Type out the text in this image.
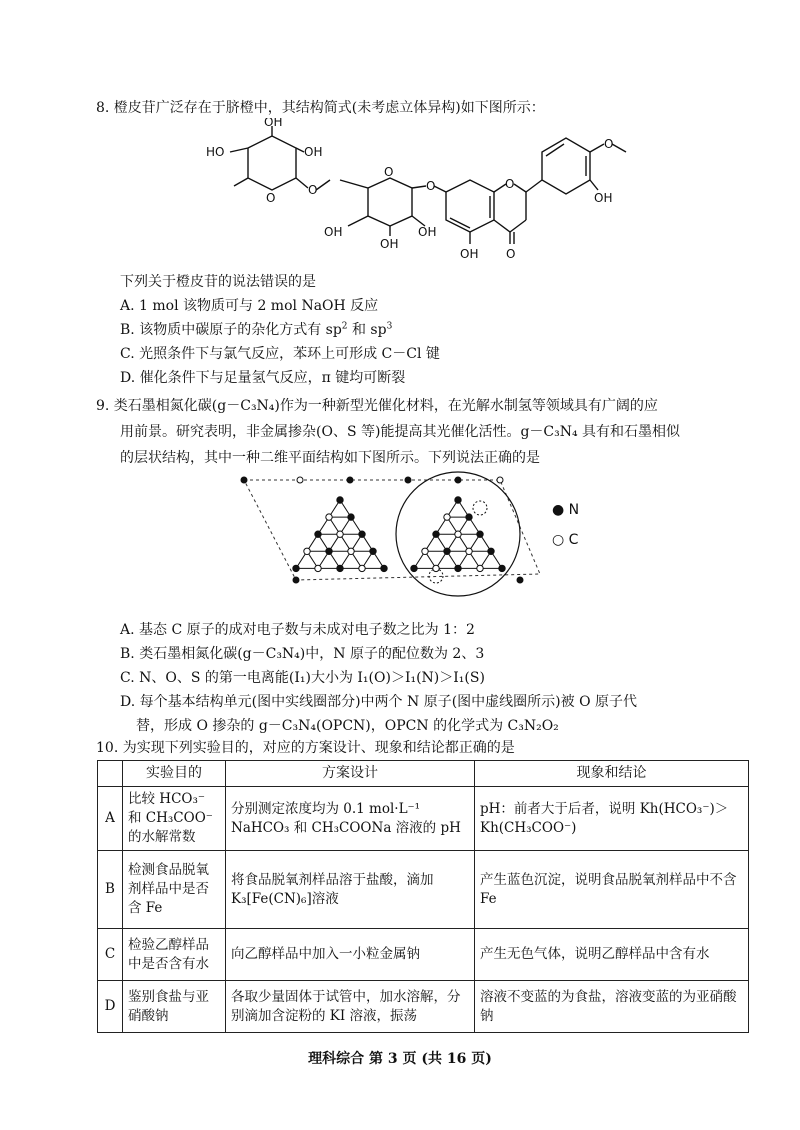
8. 橙皮苷广泛存在于脐橙中，其结构简式(未考虑立体异构)如下图所示：
OH
HO	OH
O
O
O
O
OH
OH
OH
O
OH O
O
OH
下列关于橙皮苷的说法错误的是
A. 1 mol 该物质可与 2 mol NaOH 反应
B. 该物质中碳原子的杂化方式有 $sp^2$ 和 $sp^3$
C. 光照条件下与氯气反应，苯环上可形成 C－Cl 键
D. 催化条件下与足量氢气反应，π 键均可断裂
9. 类石墨相氮化碳(g－C₃N₄)作为一种新型光催化材料，在光解水制氢等领域具有广阔的应
用前景。研究表明，非金属掺杂(O、S 等)能提高其光催化活性。g－C₃N₄ 具有和石墨相似
的层状结构，其中一种二维平面结构如下图所示。下列说法正确的是
● N
○ C
A. 基态 C 原子的成对电子数与未成对电子数之比为 1：2
B. 类石墨相氮化碳(g－C₃N₄)中，N 原子的配位数为 2、3
C. N、O、S 的第一电离能(I₁)大小为 I₁(O)＞I₁(N)＞I₁(S)
D. 每个基本结构单元(图中实线圈部分)中两个 N 原子(图中虚线圈所示)被 O 原子代
替，形成 O 掺杂的 g－C₃N₄(OPCN)，OPCN 的化学式为 C₃N₂O₂
10. 为实现下列实验目的，对应的方案设计、现象和结论都正确的是
	实验目的	方案设计	现象和结论
A	比较 HCO₃⁻ 和 CH₃COO⁻ 的水解常数	分别测定浓度均为 0.1 mol·L⁻¹ NaHCO₃ 和 CH₃COONa 溶液的 pH	pH：前者大于后者，说明 Kh(HCO₃⁻)＞Kh(CH₃COO⁻)
B	检测食品脱氧剂样品中是否含 Fe	将食品脱氧剂样品溶于盐酸，滴加 K₃[Fe(CN)₆]溶液	产生蓝色沉淀，说明食品脱氧剂样品中不含 Fe
C	检验乙醇样品中是否含有水	向乙醇样品中加入一小粒金属钠	产生无色气体，说明乙醇样品中含有水
D	鉴别食盐与亚硝酸钠	各取少量固体于试管中，加水溶解，分别滴加含淀粉的 KI 溶液，振荡	溶液不变蓝的为食盐，溶液变蓝的为亚硝酸钠
理科综合 第 3 页 (共 16 页)
